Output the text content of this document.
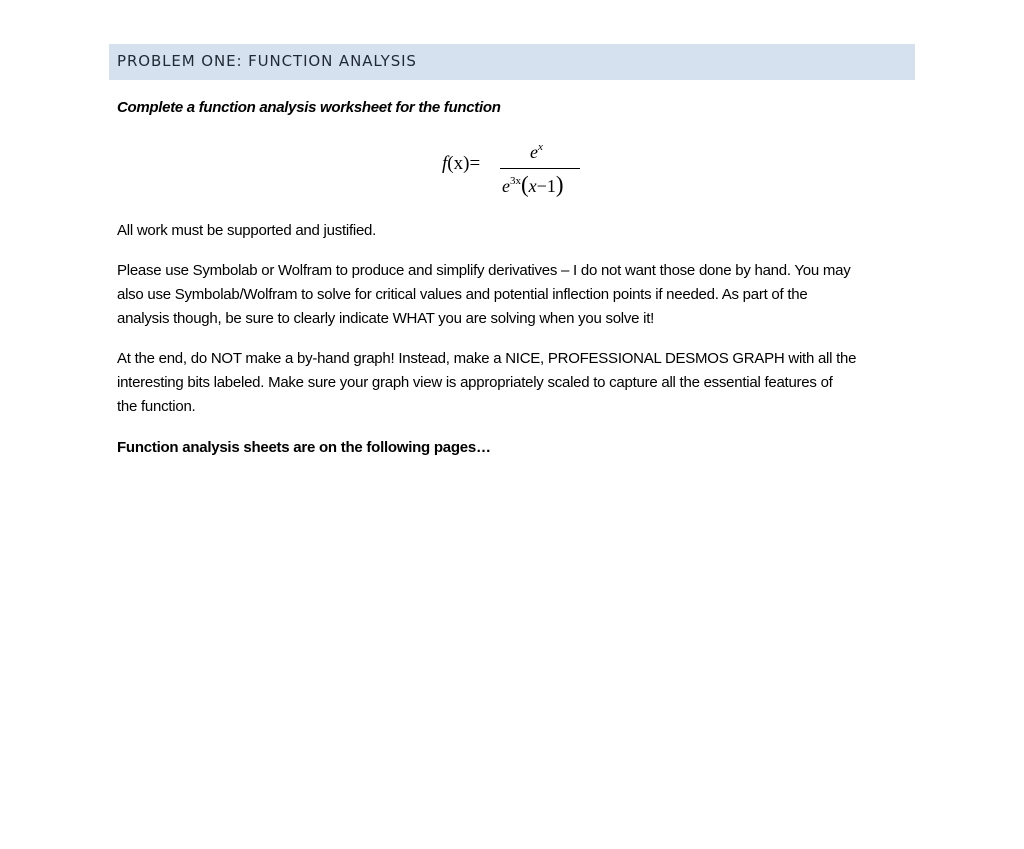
PROBLEM ONE: FUNCTION ANALYSIS
Complete a function analysis worksheet for the function
f(x)=
$e^x$
$e^{3x}(x-1)$
All work must be supported and justified.
Please use Symbolab or Wolfram to produce and simplify derivatives – I do not want those done by hand. You may
also use Symbolab/Wolfram to solve for critical values and potential inflection points if needed. As part of the
analysis though, be sure to clearly indicate WHAT you are solving when you solve it!
At the end, do NOT make a by-hand graph! Instead, make a NICE, PROFESSIONAL DESMOS GRAPH with all the
interesting bits labeled. Make sure your graph view is appropriately scaled to capture all the essential features of
the function.
Function analysis sheets are on the following pages…
